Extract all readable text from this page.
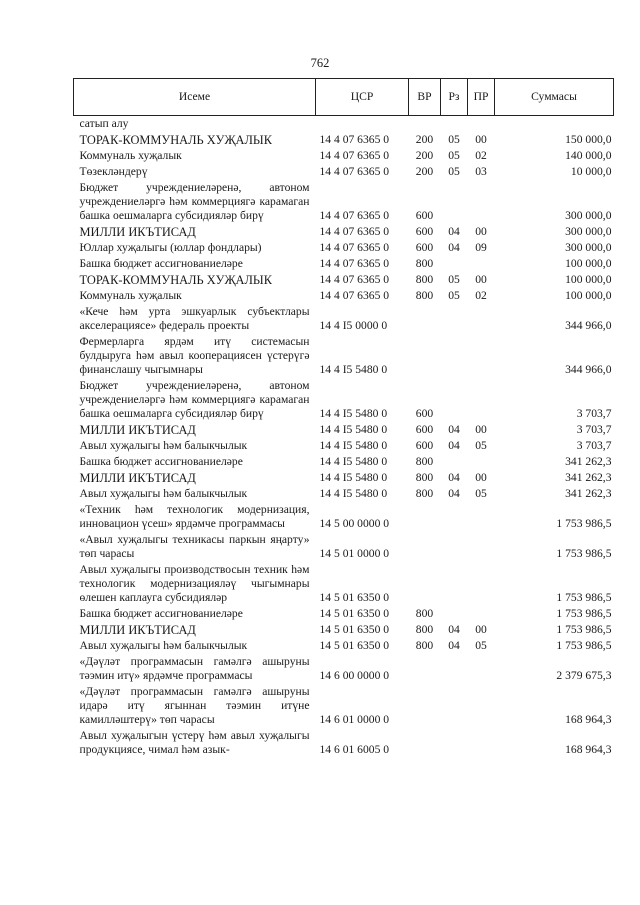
762
Исеме	ЦСР	ВР	Рз	ПР	Суммасы
сатып алу					
ТОРАК-КОММУНАЛЬ ХУҖАЛЫК	14 4 07 6365 0	200	05	00	150 000,0
Коммуналь хуҗалык	14 4 07 6365 0	200	05	02	140 000,0
Төзекләндерү	14 4 07 6365 0	200	05	03	10 000,0
Бюджет учреждениеләренә, автоном учреждениеләргә һәм коммерциягә карамаган башка оешмаларга субсидияләр бирү	14 4 07 6365 0	600			300 000,0
МИЛЛИ ИКЪТИСАД	14 4 07 6365 0	600	04	00	300 000,0
Юллар хуҗалыгы (юллар фондлары)	14 4 07 6365 0	600	04	09	300 000,0
Башка бюджет ассигнованиеләре	14 4 07 6365 0	800			100 000,0
ТОРАК-КОММУНАЛЬ ХУҖАЛЫК	14 4 07 6365 0	800	05	00	100 000,0
Коммуналь хуҗалык	14 4 07 6365 0	800	05	02	100 000,0
«Кече һәм урта эшкуарлык субъектлары акселерациясе» федераль проекты	14 4 I5 0000 0				344 966,0
Фермерларга ярдәм итү системасын булдыруга һәм авыл кооперациясен үстерүгә финанслашу чыгымнары	14 4 I5 5480 0				344 966,0
Бюджет учреждениеләренә, автоном учреждениеләргә һәм коммерциягә карамаган башка оешмаларга субсидияләр бирү	14 4 I5 5480 0	600			3 703,7
МИЛЛИ ИКЪТИСАД	14 4 I5 5480 0	600	04	00	3 703,7
Авыл хуҗалыгы һәм балыкчылык	14 4 I5 5480 0	600	04	05	3 703,7
Башка бюджет ассигнованиеләре	14 4 I5 5480 0	800			341 262,3
МИЛЛИ ИКЪТИСАД	14 4 I5 5480 0	800	04	00	341 262,3
Авыл хуҗалыгы һәм балыкчылык	14 4 I5 5480 0	800	04	05	341 262,3
«Техник һәм технологик модернизация, инновацион үсеш» ярдәмче программасы	14 5 00 0000 0				1 753 986,5
«Авыл хуҗалыгы техникасы паркын яңарту» төп чарасы	14 5 01 0000 0				1 753 986,5
Авыл хуҗалыгы производствосын техник һәм технологик модернизацияләү чыгымнары өлешен каплауга субсидияләр	14 5 01 6350 0				1 753 986,5
Башка бюджет ассигнованиеләре	14 5 01 6350 0	800			1 753 986,5
МИЛЛИ ИКЪТИСАД	14 5 01 6350 0	800	04	00	1 753 986,5
Авыл хуҗалыгы һәм балыкчылык	14 5 01 6350 0	800	04	05	1 753 986,5
«Дәүләт программасын гамәлгә ашыруны тәэмин итү» ярдәмче программасы	14 6 00 0000 0				2 379 675,3
«Дәүләт программасын гамәлгә ашыруны идарә итү ягыннан тәэмин итүне камилләштерү» төп чарасы	14 6 01 0000 0				168 964,3
Авыл хуҗалыгын үстерү һәм авыл хуҗалыгы продукциясе, чимал һәм азык-	14 6 01 6005 0				168 964,3
